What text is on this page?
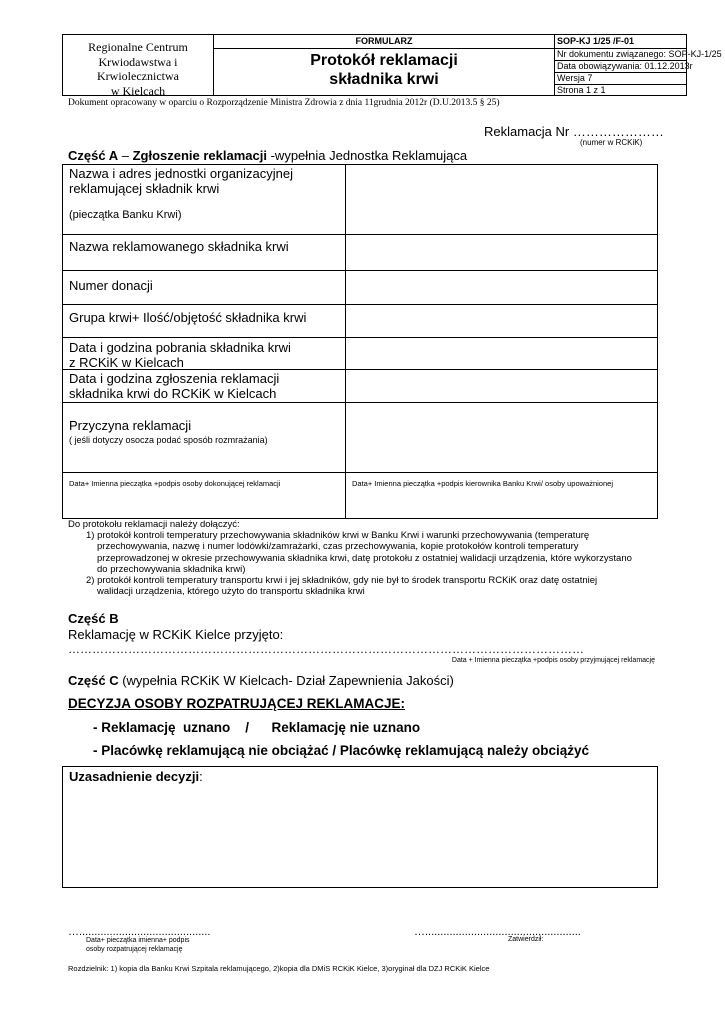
Regionalne Centrum
Krwiodawstwa i
Krwiolecznictwa
w Kielcach
FORMULARZ
Protokół reklamacji
składnika krwi
SOP-KJ 1/25 /F-01
Nr dokumentu związanego: SOP-KJ-1/25
Data obowiązywania: 01.12.2013r
Wersja 7
Strona 1 z 1
Dokument opracowany w oparciu o Rozporządzenie Ministra Zdrowia z dnia 11grudnia 2012r (D.U.2013.5 § 25)
Reklamacja Nr …………………
(numer w RCKiK)
Część A – Zgłoszenie reklamacji -wypełnia Jednostka Reklamująca
Nazwa i adres jednostki organizacyjnej
reklamującej składnik krwi
(pieczątka Banku Krwi)
Nazwa reklamowanego składnika krwi
Numer donacji
Grupa krwi+ Ilość/objętość składnika krwi
Data i godzina pobrania składnika krwi
z RCKiK w Kielcach
Data i godzina zgłoszenia reklamacji
składnika krwi do RCKiK w Kielcach
Przyczyna reklamacji
( jeśli dotyczy osocza podać sposób rozmrażania)
Data+ Imienna pieczątka +podpis osoby dokonującej reklamacji	Data+ Imienna pieczątka +podpis kierownika Banku Krwi/ osoby upoważnionej
Do protokołu reklamacji należy dołączyć:
1) protokół kontroli temperatury przechowywania składników krwi w Banku Krwi i warunki przechowywania (temperaturę
przechowywania, nazwę i numer lodówki/zamrażarki, czas przechowywania, kopie protokołów kontroli temperatury
przeprowadzonej w okresie przechowywania składnika krwi, datę protokołu z ostatniej walidacji urządzenia, które wykorzystano
do przechowywania składnika krwi)
2) protokół kontroli temperatury transportu krwi i jej składników, gdy nie był to środek transportu RCKiK oraz datę ostatniej
walidacji urządzenia, którego użyto do transportu składnika krwi
Część B
Reklamację w RCKiK Kielce przyjęto:
…………………………………………………………………………………………………………………
Data + Imienna pieczątka +podpis osoby przyjmującej reklamację
Część C (wypełnia RCKiK W Kielcach- Dział Zapewnienia Jakości)
DECYZJA OSOBY ROZPATRUJĄCEJ REKLAMACJE:
- Reklamację  uznano    /      Reklamację nie uznano
- Placówkę reklamującą nie obciążać / Placówkę reklamującą należy obciążyć
Uzasadnienie decyzji:
…...........................................
Data+ pieczątka imienna+ podpis
osoby rozpatrującej reklamację
…...................................................
Zatwierdził:
Rozdzielnik: 1) kopia dla Banku Krwi Szpitala reklamującego, 2)kopia dla DMiS RCKiK Kielce, 3)oryginał dla DZJ RCKiK Kielce
